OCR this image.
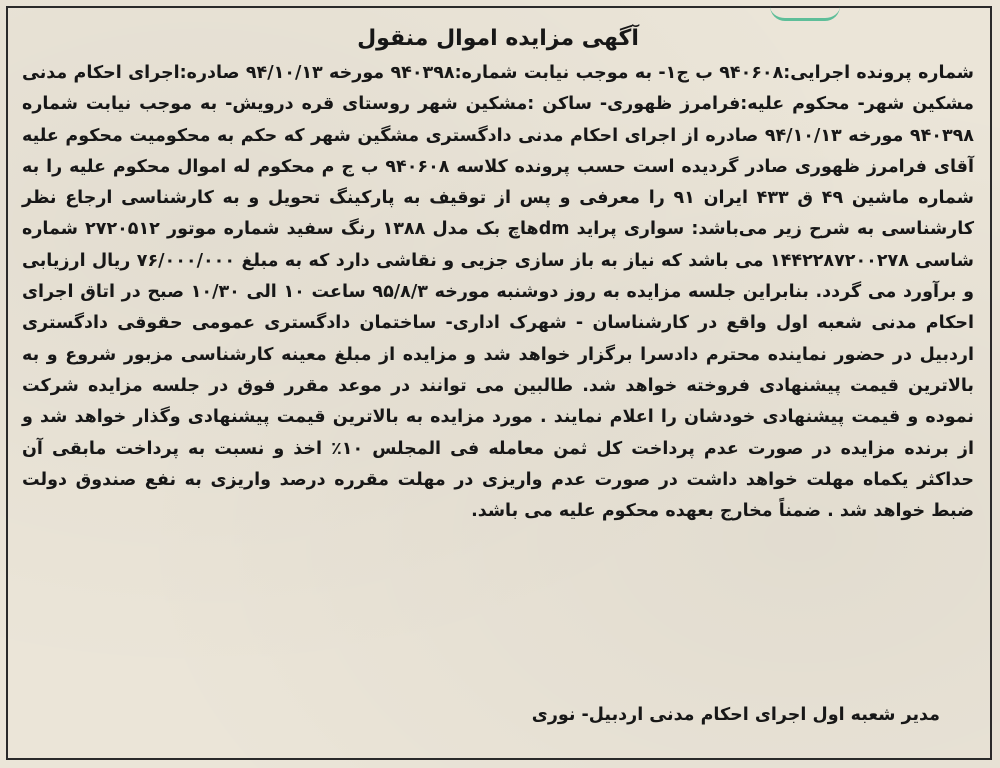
آگهی مزایده اموال منقول

شماره پرونده اجرایی:۹۴۰۶۰۸ ب ج۱- به موجب نیابت شماره:۹۴۰۳۹۸ مورخه ۹۴/۱۰/۱۳ صادره:اجرای احکام مدنی مشکین شهر- محکوم علیه:فرامرز ظهوری- ساکن :مشکین شهر روستای قره درویش- به موجب نیابت شماره ۹۴۰۳۹۸ مورخه ۹۴/۱۰/۱۳ صادره از اجرای احکام مدنی دادگستری مشگین شهر که حکم به محکومیت محکوم علیه آقای فرامرز ظهوری صادر گردیده است حسب پرونده کلاسه ۹۴۰۶۰۸ ب ج م محکوم له اموال محکوم علیه را به شماره ماشین ۴۹ ق ۴۳۳ ایران ۹۱ را معرفی و پس از توقیف به پارکینگ تحویل و به کارشناسی ارجاع نظر کارشناسی به شرح زیر می‌باشد: سواری پراید dmهاچ بک مدل ۱۳۸۸ رنگ سفید شماره موتور ۲۷۲۰۵۱۲ شماره شاسی ۱۴۴۲۲۸۷۲۰۰۲۷۸ می باشد که نیاز به باز سازی جزیی و نقاشی دارد که به مبلغ ۷۶/۰۰۰/۰۰۰ ریال ارزیابی و برآورد می گردد. بنابراین جلسه مزایده به روز دوشنبه مورخه ۹۵/۸/۳ ساعت ۱۰ الی ۱۰/۳۰ صبح در اتاق اجرای احکام مدنی شعبه اول واقع در کارشناسان - شهرک اداری- ساختمان دادگستری عمومی حقوقی دادگستری اردبیل در حضور نماینده محترم دادسرا برگزار خواهد شد و مزایده از مبلغ معینه کارشناسی مزبور شروع و به بالاترین قیمت پیشنهادی فروخته خواهد شد. طالبین می توانند در موعد مقرر فوق در جلسه مزایده شرکت نموده و قیمت پیشنهادی خودشان را اعلام نمایند . مورد مزایده به بالاترین قیمت پیشنهادی وگذار خواهد شد و از برنده مزایده در صورت عدم پرداخت کل ثمن معامله فی المجلس ۱۰٪ اخذ و نسبت به پرداخت مابقی آن حداکثر یکماه مهلت خواهد داشت در صورت عدم واریزی در مهلت مقرره درصد واریزی به نفع صندوق دولت ضبط خواهد شد . ضمناً مخارج بعهده محکوم علیه می باشد.

مدیر شعبه اول اجرای احکام مدنی اردبیل- نوری
